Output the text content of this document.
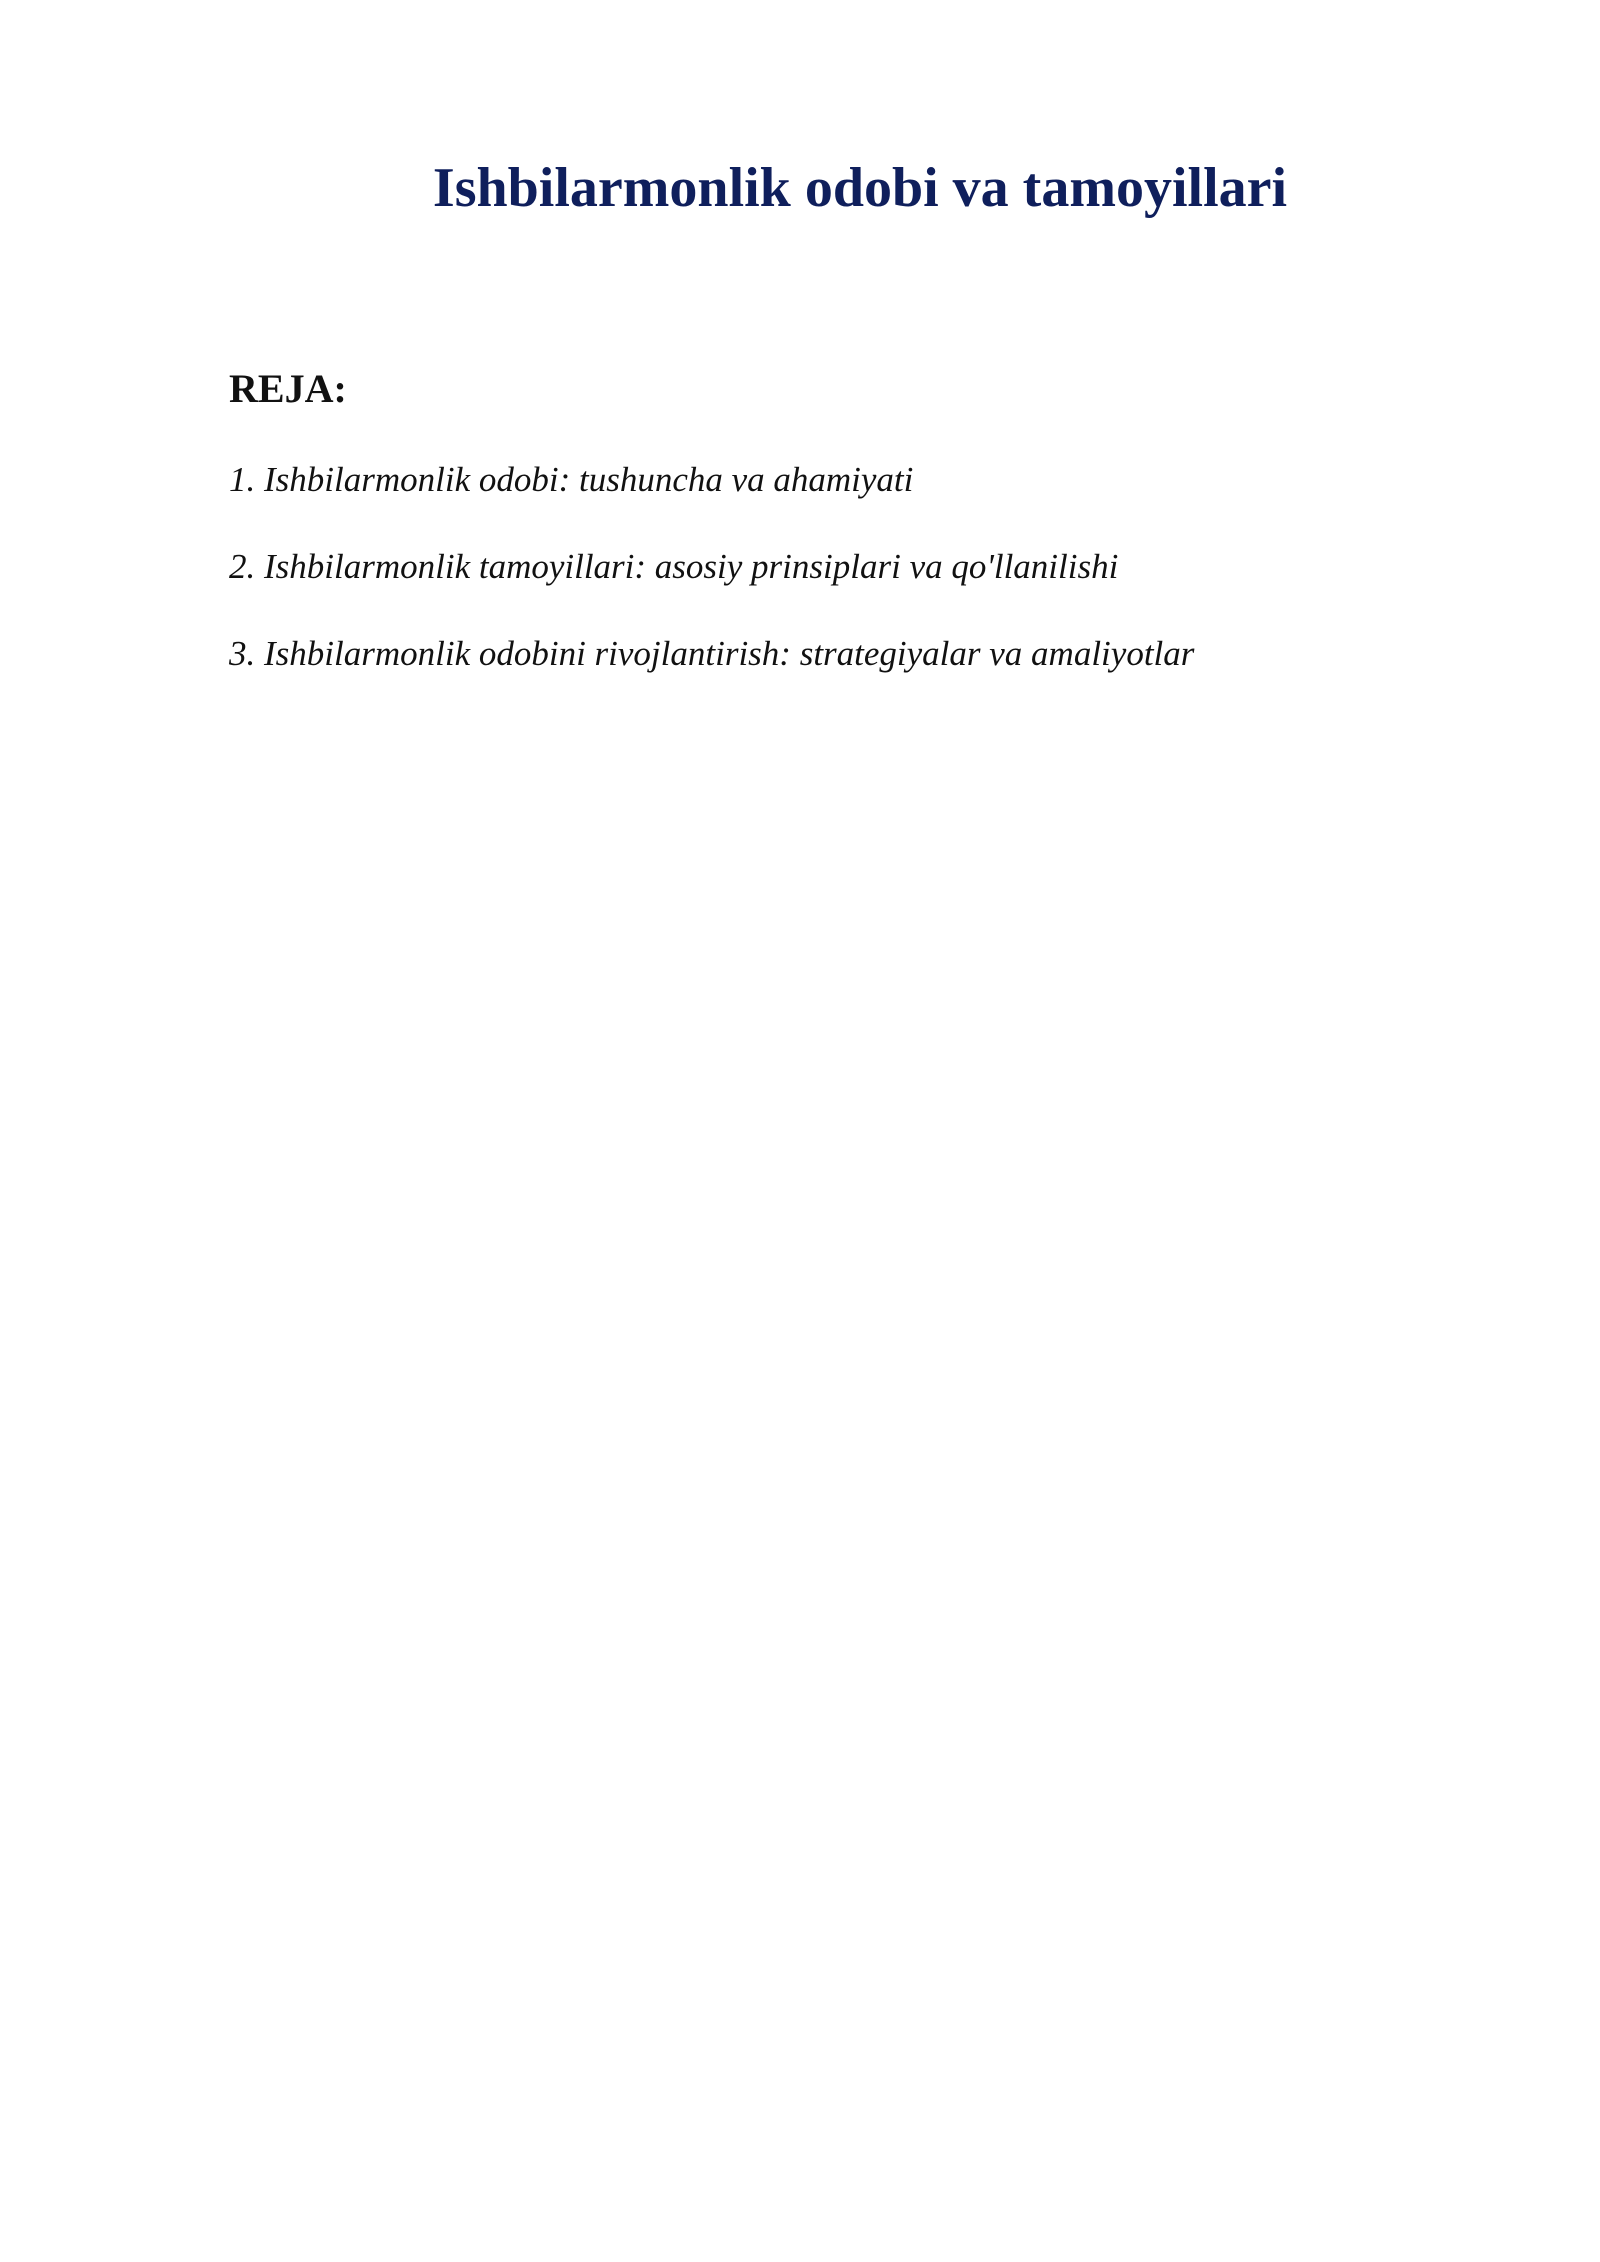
Ishbilarmonlik odobi va tamoyillari
REJA:
1. Ishbilarmonlik odobi: tushuncha va ahamiyati
2. Ishbilarmonlik tamoyillari: asosiy prinsiplari va qo'llanilishi
3. Ishbilarmonlik odobini rivojlantirish: strategiyalar va amaliyotlar
